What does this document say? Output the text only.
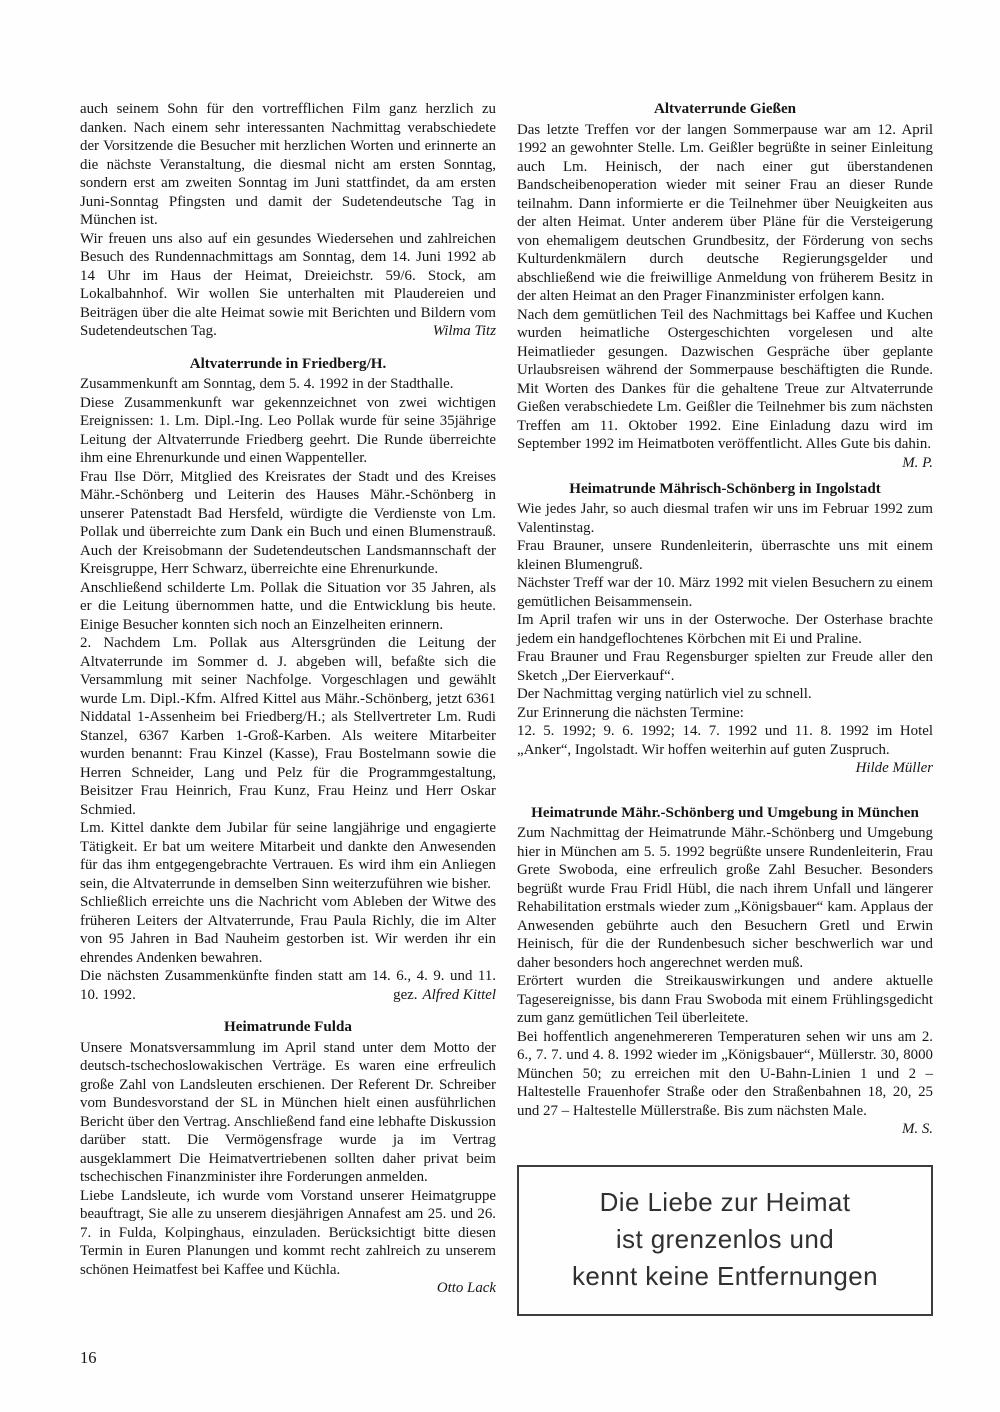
auch seinem Sohn für den vortrefflichen Film ganz herzlich zu danken. Nach einem sehr interessanten Nachmittag verabschiedete der Vorsitzende die Besucher mit herzlichen Worten und erinnerte an die nächste Veranstaltung, die diesmal nicht am ersten Sonntag, sondern erst am zweiten Sonntag im Juni stattfindet, da am ersten Juni-Sonntag Pfingsten und damit der Sudetendeutsche Tag in München ist.

Wir freuen uns also auf ein gesundes Wiedersehen und zahlreichen Besuch des Rundennachmittags am Sonntag, dem 14. Juni 1992 ab 14 Uhr im Haus der Heimat, Dreieichstr. 59/6. Stock, am Lokalbahnhof. Wir wollen Sie unterhalten mit Plaudereien und Beiträgen über die alte Heimat sowie mit Berichten und Bildern vom Sudetendeutschen Tag.	Wilma Titz

Altvaterrunde in Friedberg/H.

Zusammenkunft am Sonntag, dem 5. 4. 1992 in der Stadthalle.

Diese Zusammenkunft war gekennzeichnet von zwei wichtigen Ereignissen: 1. Lm. Dipl.-Ing. Leo Pollak wurde für seine 35jährige Leitung der Altvaterrunde Friedberg geehrt. Die Runde überreichte ihm eine Ehrenurkunde und einen Wappenteller.

Frau Ilse Dörr, Mitglied des Kreisrates der Stadt und des Kreises Mähr.-Schönberg und Leiterin des Hauses Mähr.-Schönberg in unserer Patenstadt Bad Hersfeld, würdigte die Verdienste von Lm. Pollak und überreichte zum Dank ein Buch und einen Blumenstrauß. Auch der Kreisobmann der Sudetendeutschen Landsmannschaft der Kreisgruppe, Herr Schwarz, überreichte eine Ehrenurkunde.

Anschließend schilderte Lm. Pollak die Situation vor 35 Jahren, als er die Leitung übernommen hatte, und die Entwicklung bis heute. Einige Besucher konnten sich noch an Einzelheiten erinnern.

2. Nachdem Lm. Pollak aus Altersgründen die Leitung der Altvaterrunde im Sommer d. J. abgeben will, befaßte sich die Versammlung mit seiner Nachfolge. Vorgeschlagen und gewählt wurde Lm. Dipl.-Kfm. Alfred Kittel aus Mähr.-Schönberg, jetzt 6361 Niddatal 1-Assenheim bei Friedberg/H.; als Stellvertreter Lm. Rudi Stanzel, 6367 Karben 1-Groß-Karben. Als weitere Mitarbeiter wurden benannt: Frau Kinzel (Kasse), Frau Bostelmann sowie die Herren Schneider, Lang und Pelz für die Programmgestaltung, Beisitzer Frau Heinrich, Frau Kunz, Frau Heinz und Herr Oskar Schmied.

Lm. Kittel dankte dem Jubilar für seine langjährige und engagierte Tätigkeit. Er bat um weitere Mitarbeit und dankte den Anwesenden für das ihm entgegengebrachte Vertrauen. Es wird ihm ein Anliegen sein, die Altvaterrunde in demselben Sinn weiterzuführen wie bisher.

Schließlich erreichte uns die Nachricht vom Ableben der Witwe des früheren Leiters der Altvaterrunde, Frau Paula Richly, die im Alter von 95 Jahren in Bad Nauheim gestorben ist. Wir werden ihr ein ehrendes Andenken bewahren.

Die nächsten Zusammenkünfte finden statt am 14. 6., 4. 9. und 11. 10. 1992.	gez. Alfred Kittel

Heimatrunde Fulda

Unsere Monatsversammlung im April stand unter dem Motto der deutsch-tschechoslowakischen Verträge. Es waren eine erfreulich große Zahl von Landsleuten erschienen. Der Referent Dr. Schreiber vom Bundesvorstand der SL in München hielt einen ausführlichen Bericht über den Vertrag. Anschließend fand eine lebhafte Diskussion darüber statt. Die Vermögensfrage wurde ja im Vertrag ausgeklammert Die Heimatvertriebenen sollten daher privat beim tschechischen Finanzminister ihre Forderungen anmelden.

Liebe Landsleute, ich wurde vom Vorstand unserer Heimatgruppe beauftragt, Sie alle zu unserem diesjährigen Annafest am 25. und 26. 7. in Fulda, Kolpinghaus, einzuladen. Berücksichtigt bitte diesen Termin in Euren Planungen und kommt recht zahlreich zu unserem schönen Heimatfest bei Kaffee und Küchla.

Otto Lack

Altvaterrunde Gießen

Das letzte Treffen vor der langen Sommerpause war am 12. April 1992 an gewohnter Stelle. Lm. Geißler begrüßte in seiner Einleitung auch Lm. Heinisch, der nach einer gut überstandenen Bandscheibenoperation wieder mit seiner Frau an dieser Runde teilnahm. Dann informierte er die Teilnehmer über Neuigkeiten aus der alten Heimat. Unter anderem über Pläne für die Versteigerung von ehemaligem deutschen Grundbesitz, der Förderung von sechs Kulturdenkmälern durch deutsche Regierungsgelder und abschließend wie die freiwillige Anmeldung von früherem Besitz in der alten Heimat an den Prager Finanzminister erfolgen kann.

Nach dem gemütlichen Teil des Nachmittags bei Kaffee und Kuchen wurden heimatliche Ostergeschichten vorgelesen und alte Heimatlieder gesungen. Dazwischen Gespräche über geplante Urlaubsreisen während der Sommerpause beschäftigten die Runde. Mit Worten des Dankes für die gehaltene Treue zur Altvaterrunde Gießen verabschiedete Lm. Geißler die Teilnehmer bis zum nächsten Treffen am 11. Oktober 1992. Eine Einladung dazu wird im September 1992 im Heimatboten veröffentlicht. Alles Gute bis dahin.
M. P.

Heimatrunde Mährisch-Schönberg in Ingolstadt

Wie jedes Jahr, so auch diesmal trafen wir uns im Februar 1992 zum Valentinstag.

Frau Brauner, unsere Rundenleiterin, überraschte uns mit einem kleinen Blumengruß.

Nächster Treff war der 10. März 1992 mit vielen Besuchern zu einem gemütlichen Beisammensein.

Im April trafen wir uns in der Osterwoche. Der Osterhase brachte jedem ein handgeflochtenes Körbchen mit Ei und Praline.

Frau Brauner und Frau Regensburger spielten zur Freude aller den Sketch „Der Eierverkauf“.

Der Nachmittag verging natürlich viel zu schnell.

Zur Erinnerung die nächsten Termine:

12. 5. 1992; 9. 6. 1992; 14. 7. 1992 und 11. 8. 1992 im Hotel „Anker“, Ingolstadt. Wir hoffen weiterhin auf guten Zuspruch.

Hilde Müller

Heimatrunde Mähr.-Schönberg und Umgebung in München

Zum Nachmittag der Heimatrunde Mähr.-Schönberg und Umgebung hier in München am 5. 5. 1992 begrüßte unsere Rundenleiterin, Frau Grete Swoboda, eine erfreulich große Zahl Besucher. Besonders begrüßt wurde Frau Fridl Hübl, die nach ihrem Unfall und längerer Rehabilitation erstmals wieder zum „Königsbauer“ kam. Applaus der Anwesenden gebührte auch den Besuchern Gretl und Erwin Heinisch, für die der Rundenbesuch sicher beschwerlich war und daher besonders hoch angerechnet werden muß.

Erörtert wurden die Streikauswirkungen und andere aktuelle Tagesereignisse, bis dann Frau Swoboda mit einem Frühlingsgedicht zum ganz gemütlichen Teil überleitete.

Bei hoffentlich angenehmereren Temperaturen sehen wir uns am 2. 6., 7. 7. und 4. 8. 1992 wieder im „Königsbauer“, Müllerstr. 30, 8000 München 50; zu erreichen mit den U-Bahn-Linien 1 und 2 – Haltestelle Frauenhofer Straße oder den Straßenbahnen 18, 20, 25 und 27 – Haltestelle Müllerstraße. Bis zum nächsten Male.

M. S.

Die Liebe zur Heimat
ist grenzenlos und
kennt keine Entfernungen
16
